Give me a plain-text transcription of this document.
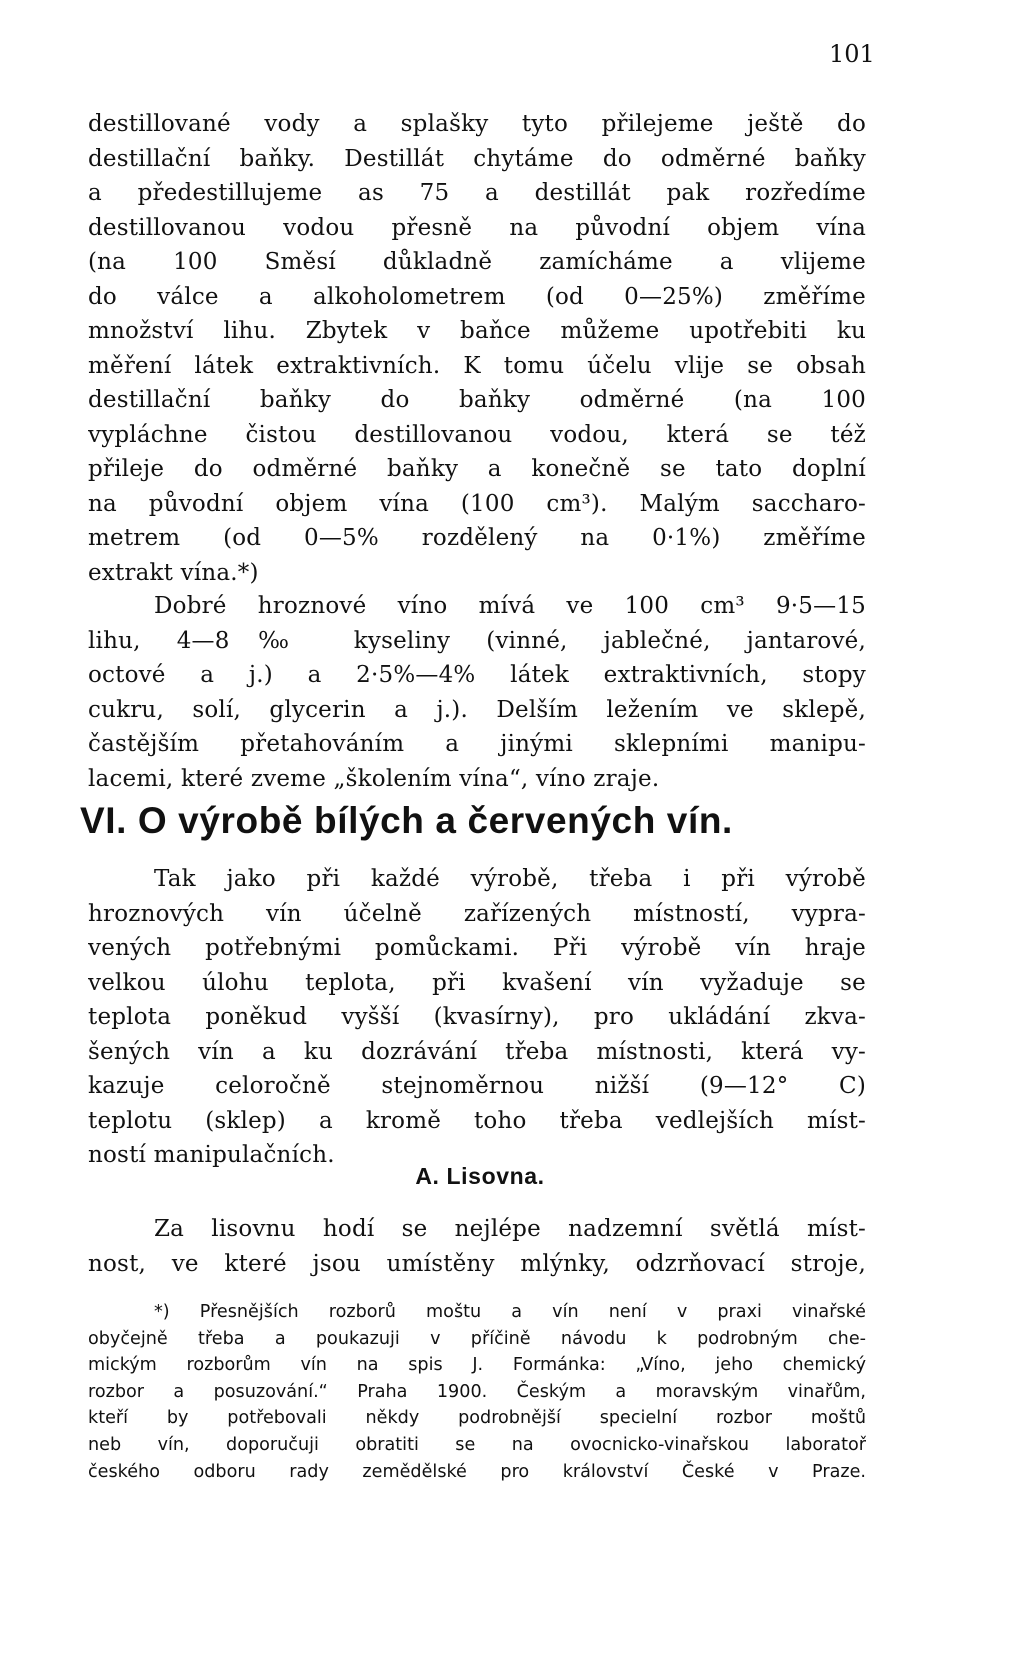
101
destillované vody a splašky tyto přilejeme ještě do
destillační baňky. Destillát chytáme do odměrné baňky
a předestillujeme as 75 a destillát pak rozředíme
destillovanou vodou přesně na původní objem vína
(na 100 Směsí důkladně zamícháme a vlijeme
do válce a alkoholometrem (od 0—25%) změříme
množství lihu. Zbytek v baňce můžeme upotřebiti ku
měření látek extraktivních. K tomu účelu vlije se obsah
destillační baňky do baňky odměrné (na 100
vypláchne čistou destillovanou vodou, která se též
přileje do odměrné baňky a konečně se tato doplní
na původní objem vína (100 cm³). Malým saccharo-
metrem (od 0—5% rozdělený na 0·1%) změříme
extrakt vína.*)
Dobré hroznové víno mívá ve 100 cm³ 9·5—15
lihu, 4—8‰ kyseliny (vinné, jablečné, jantarové,
octové a j.) a 2·5%—4% látek extraktivních, stopy
cukru, solí, glycerin a j.). Delším ležením ve sklepě,
častějším přetahováním a jinými sklepními manipu-
lacemi, které zveme „školením vína“, víno zraje.
VI. O výrobě bílých a červených vín.
Tak jako při každé výrobě, třeba i při výrobě
hroznových vín účelně zařízených místností, vypra-
vených potřebnými pomůckami. Při výrobě vín hraje
velkou úlohu teplota, při kvašení vín vyžaduje se
teplota poněkud vyšší (kvasírny), pro ukládání zkva-
šených vín a ku dozrávání třeba místnosti, která vy-
kazuje celoročně stejnoměrnou nižší (9—12° C)
teplotu (sklep) a kromě toho třeba vedlejších míst-
ností manipulačních.
A. Lisovna.
Za lisovnu hodí se nejlépe nadzemní světlá míst-
nost, ve které jsou umístěny mlýnky, odzrňovací stroje,
*) Přesnějších rozborů moštu a vín není v praxi vinařské
obyčejně třeba a poukazuji v příčině návodu k podrobným che-
mickým rozborům vín na spis J. Formánka: „Víno, jeho chemický
rozbor a posuzování.“ Praha 1900. Českým a moravským vinařům,
kteří by potřebovali někdy podrobnější specielní rozbor moštů
neb vín, doporučuji obratiti se na ovocnicko-vinařskou laboratoř
českého odboru rady zemědělské pro království České v Praze.
